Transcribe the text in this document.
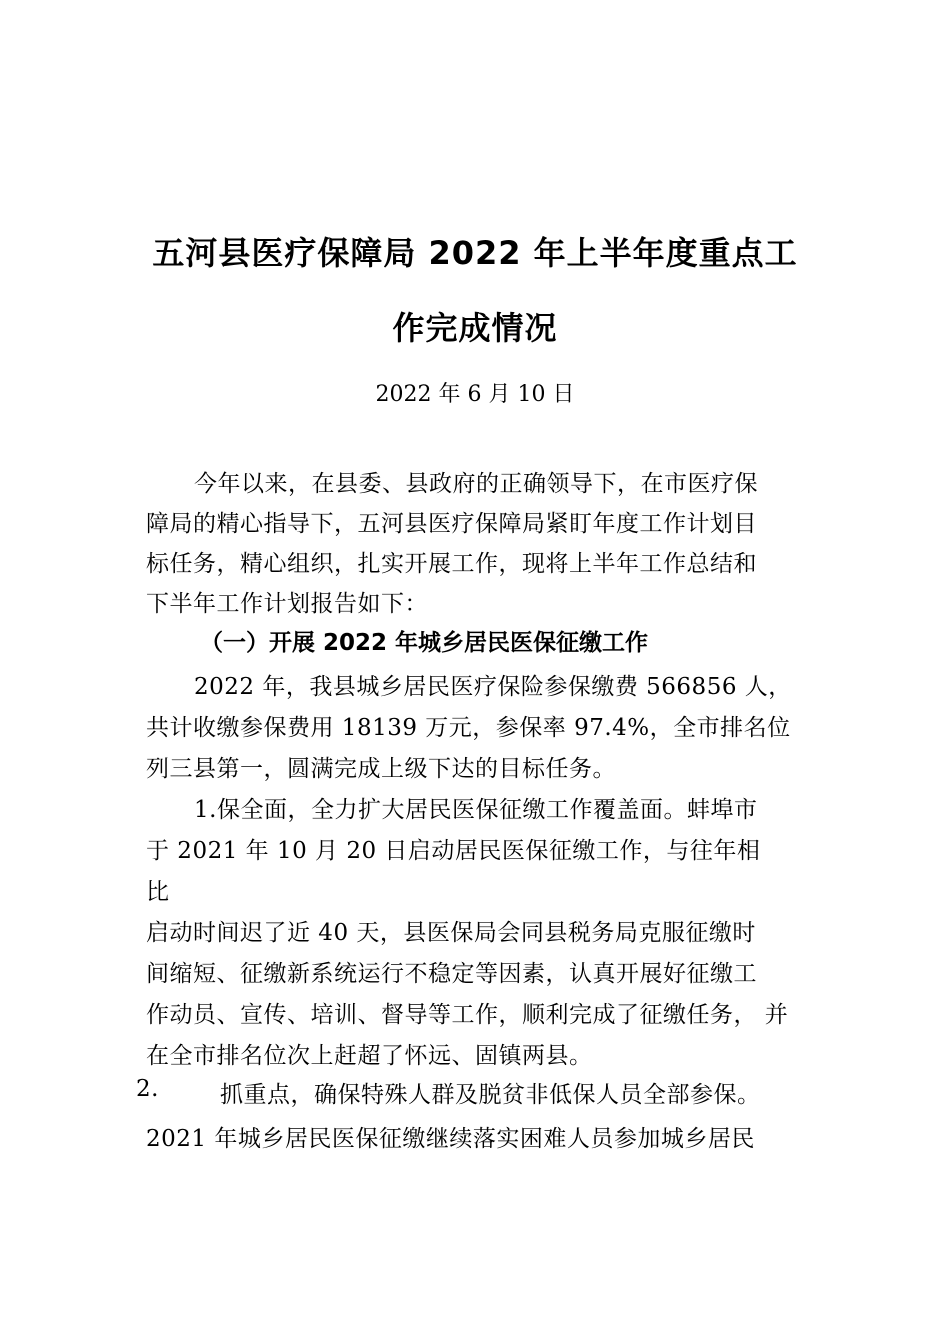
五河县医疗保障局 2022 年上半年度重点工
作完成情况
2022 年 6 月 10 日
今年以来，在县委、县政府的正确领导下，在市医疗保
障局的精心指导下，五河县医疗保障局紧盯年度工作计划目
标任务，精心组织，扎实开展工作，现将上半年工作总结和
下半年工作计划报告如下：
（一）开展 2022 年城乡居民医保征缴工作
2022 年，我县城乡居民医疗保险参保缴费 566856 人，
共计收缴参保费用 18139 万元，参保率 97.4%，全市排名位
列三县第一，圆满完成上级下达的目标任务。
1.保全面，全力扩大居民医保征缴工作覆盖面。蚌埠市
于 2021 年 10 月 20 日启动居民医保征缴工作，与往年相
比
启动时间迟了近 40 天，县医保局会同县税务局克服征缴时
间缩短、征缴新系统运行不稳定等因素，认真开展好征缴工
作动员、宣传、培训、督导等工作，顺利完成了征缴任务， 并
在全市排名位次上赶超了怀远、固镇两县。
2.	抓重点，确保特殊人群及脱贫非低保人员全部参保。
2021 年城乡居民医保征缴继续落实困难人员参加城乡居民
